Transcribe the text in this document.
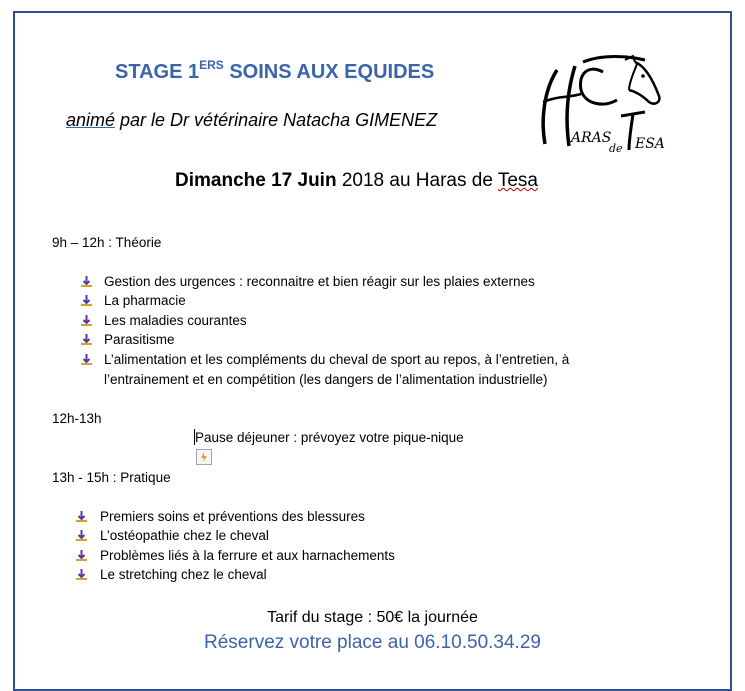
STAGE 1ERS SOINS AUX EQUIDES
animé par le Dr vétérinaire Natacha GIMENEZ
ARAS
de ESA
Dimanche 17 Juin 2018 au Haras de Tesa
9h – 12h : Théorie
Gestion des urgences : reconnaitre et bien réagir sur les plaies externes
La pharmacie
Les maladies courantes
Parasitisme
L’alimentation et les compléments du cheval de sport au repos, à l’entretien, à
l’entrainement et en compétition (les dangers de l’alimentation industrielle)
12h-13h
Pause déjeuner : prévoyez votre pique-nique
13h - 15h : Pratique
Premiers soins et préventions des blessures
L’ostéopathie chez le cheval
Problèmes liés à la ferrure et aux harnachements
Le stretching chez le cheval
Tarif du stage : 50€ la journée
Réservez votre place au 06.10.50.34.29
